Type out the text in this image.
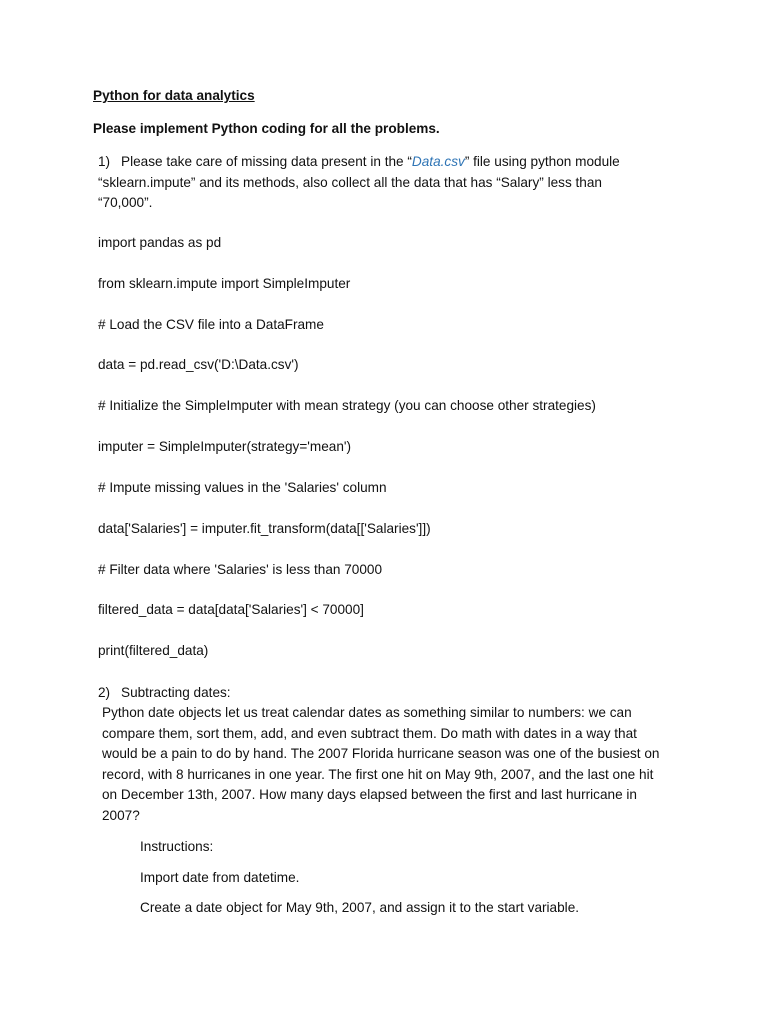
Python for data analytics

Please implement Python coding for all the problems.

1) Please take care of missing data present in the “Data.csv” file using python module “sklearn.impute” and its methods, also collect all the data that has “Salary” less than “70,000”.

import pandas as pd

from sklearn.impute import SimpleImputer

# Load the CSV file into a DataFrame

data = pd.read_csv('D:\Data.csv')

# Initialize the SimpleImputer with mean strategy (you can choose other strategies)

imputer = SimpleImputer(strategy='mean')

# Impute missing values in the 'Salaries' column

data['Salaries'] = imputer.fit_transform(data[['Salaries']])

# Filter data where 'Salaries' is less than 70000

filtered_data = data[data['Salaries'] < 70000]

print(filtered_data)

2) Subtracting dates:

Python date objects let us treat calendar dates as something similar to numbers: we can compare them, sort them, add, and even subtract them. Do math with dates in a way that would be a pain to do by hand. The 2007 Florida hurricane season was one of the busiest on record, with 8 hurricanes in one year. The first one hit on May 9th, 2007, and the last one hit on December 13th, 2007. How many days elapsed between the first and last hurricane in 2007?

Instructions:

Import date from datetime.

Create a date object for May 9th, 2007, and assign it to the start variable.
